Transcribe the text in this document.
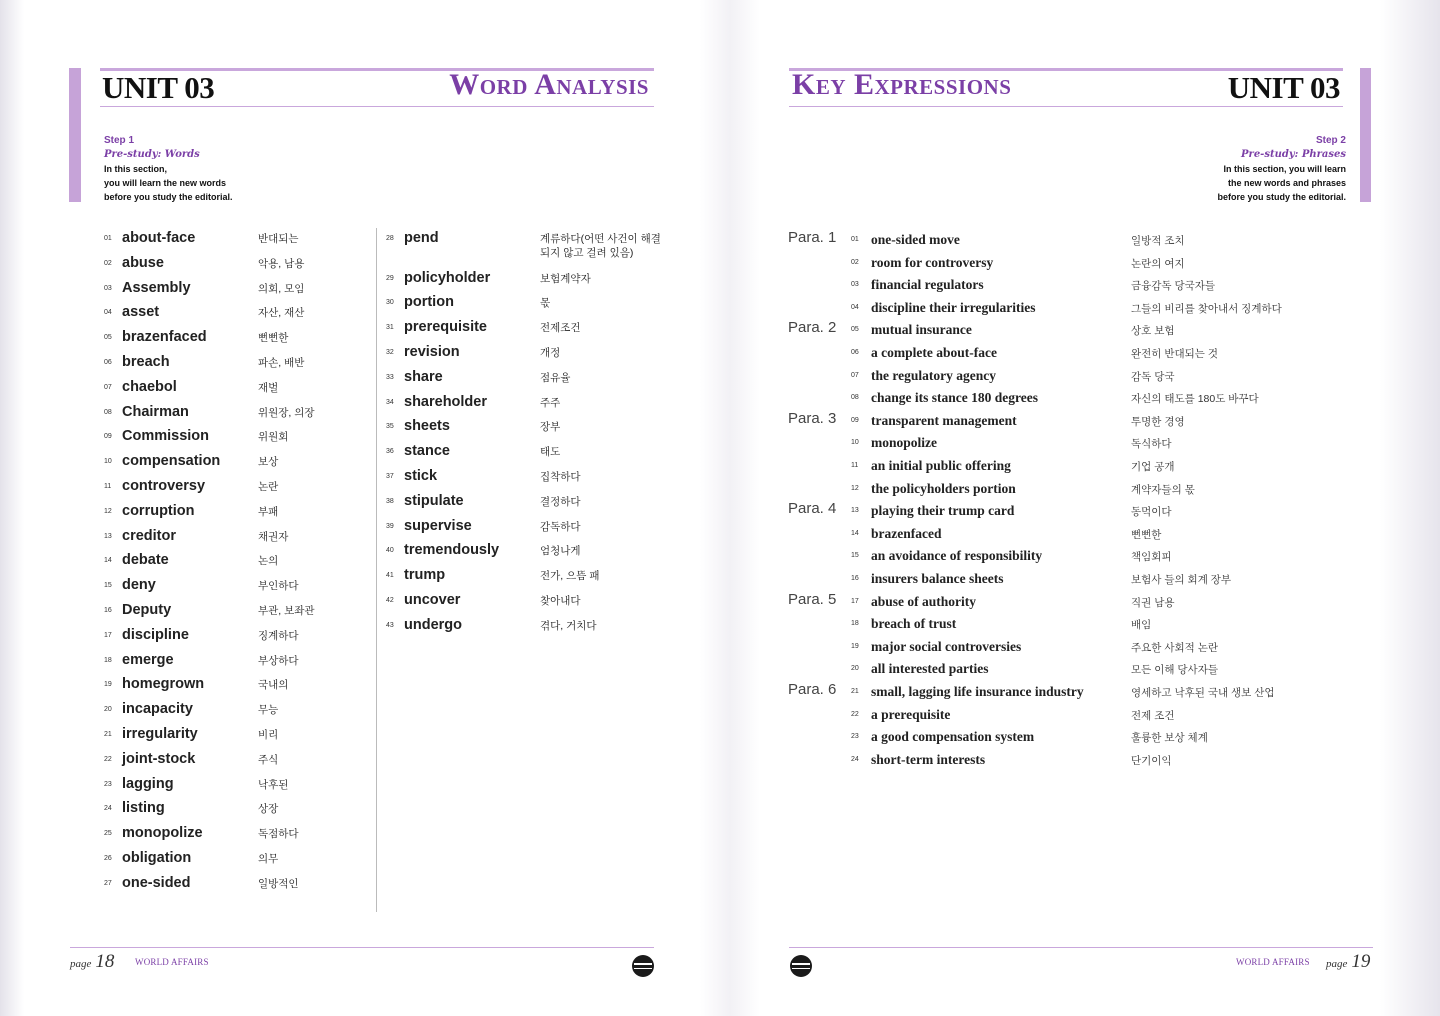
UNIT 03	Word Analysis
Step 1
Pre-study: Words
In this section,
you will learn the new words
before you study the editorial.
01 about-face	반대되는
02 abuse	악용, 남용
03 Assembly	의회, 모임
04 asset	자산, 재산
05 brazenfaced	뻔뻔한
06 breach	파손, 배반
07 chaebol	재벌
08 Chairman	위원장, 의장
09 Commission	위원회
10 compensation	보상
11 controversy	논란
12 corruption	부패
13 creditor	채권자
14 debate	논의
15 deny	부인하다
16 Deputy	부관, 보좌관
17 discipline	징계하다
18 emerge	부상하다
19 homegrown	국내의
20 incapacity	무능
21 irregularity	비리
22 joint-stock	주식
23 lagging	낙후된
24 listing	상장
25 monopolize	독점하다
26 obligation	의무
27 one-sided	일방적인
28 pend	계류하다(어떤 사건이 해결
되지 않고 걸려 있음)
29 policyholder	보험계약자
30 portion	몫
31 prerequisite	전제조건
32 revision	개정
33 share	점유율
34 shareholder	주주
35 sheets	장부
36 stance	태도
37 stick	집착하다
38 stipulate	결정하다
39 supervise	감독하다
40 tremendously	엄청나게
41 trump	전가, 으뜸 패
42 uncover	찾아내다
43 undergo	겪다, 거치다
page 18 WORLD AFFAIRS
Key Expressions	UNIT 03
Step 2
Pre-study: Phrases
In this section, you will learn
the new words and phrases
before you study the editorial.
Para. 1 01 one-sided move	일방적 조치
02 room for controversy	논란의 여지
03 financial regulators	금융감독 당국자들
04 discipline their irregularities	그들의 비리를 찾아내서 징계하다
Para. 2 05 mutual insurance	상호 보험
06 a complete about-face	완전히 반대되는 것
07 the regulatory agency	감독 당국
08 change its stance 180 degrees	자신의 태도를 180도 바꾸다
Para. 3 09 transparent management	투명한 경영
10 monopolize	독식하다
11 an initial public offering	기업 공개
12 the policyholders portion	계약자들의 몫
Para. 4 13 playing their trump card	동먹이다
14 brazenfaced	뻔뻔한
15 an avoidance of responsibility	책임회피
16 insurers balance sheets	보험사 들의 회계 장부
Para. 5 17 abuse of authority	직권 남용
18 breach of trust	배임
19 major social controversies	주요한 사회적 논란
20 all interested parties	모든 이해 당사자들
Para. 6 21 small, lagging life insurance industry	영세하고 낙후된 국내 생보 산업
22 a prerequisite	전제 조건
23 a good compensation system	훌륭한 보상 체계
24 short-term interests	단기이익
WORLD AFFAIRS page 19
